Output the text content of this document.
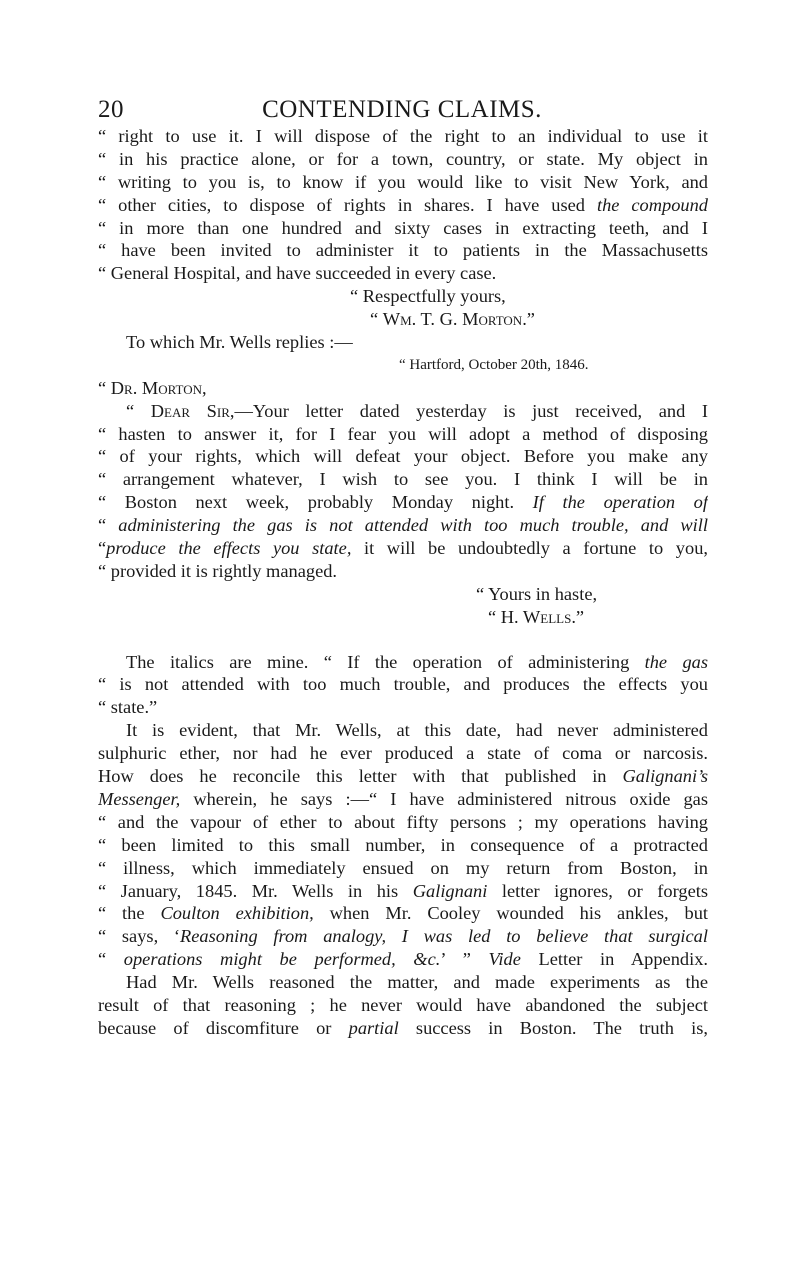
20	CONTENDING CLAIMS.
“ right to use it. I will dispose of the right to an individual to use it
“ in his practice alone, or for a town, country, or state. My object in
“ writing to you is, to know if you would like to visit New York, and
“ other cities, to dispose of rights in shares. I have used the compound
“ in more than one hundred and sixty cases in extracting teeth, and I
“ have been invited to administer it to patients in the Massachusetts
“ General Hospital, and have succeeded in every case.
“ Respectfully yours,
“ Wm. T. G. Morton.”
To which Mr. Wells replies :—
“ Hartford, October 20th, 1846.
“ Dr. Morton,
“ Dear Sir,—Your letter dated yesterday is just received, and I
“ hasten to answer it, for I fear you will adopt a method of disposing
“ of your rights, which will defeat your object. Before you make any
“ arrangement whatever, I wish to see you. I think I will be in
“ Boston next week, probably Monday night. If the operation of
“ administering the gas is not attended with too much trouble, and will
“produce the effects you state, it will be undoubtedly a fortune to you,
“ provided it is rightly managed.
“ Yours in haste,
“ H. Wells.”
The italics are mine. “ If the operation of administering the gas
“ is not attended with too much trouble, and produces the effects you
“ state.”
It is evident, that Mr. Wells, at this date, had never administered
sulphuric ether, nor had he ever produced a state of coma or narcosis.
How does he reconcile this letter with that published in Galignani’s
Messenger, wherein, he says :—“ I have administered nitrous oxide gas
“ and the vapour of ether to about fifty persons ; my operations having
“ been limited to this small number, in consequence of a protracted
“ illness, which immediately ensued on my return from Boston, in
“ January, 1845. Mr. Wells in his Galignani letter ignores, or forgets
“ the Coulton exhibition, when Mr. Cooley wounded his ankles, but
“ says, ‘Reasoning from analogy, I was led to believe that surgical
“ operations might be performed, &c.’ ” Vide Letter in Appendix.
Had Mr. Wells reasoned the matter, and made experiments as the
result of that reasoning ; he never would have abandoned the subject
because of discomfiture or partial success in Boston. The truth is,
